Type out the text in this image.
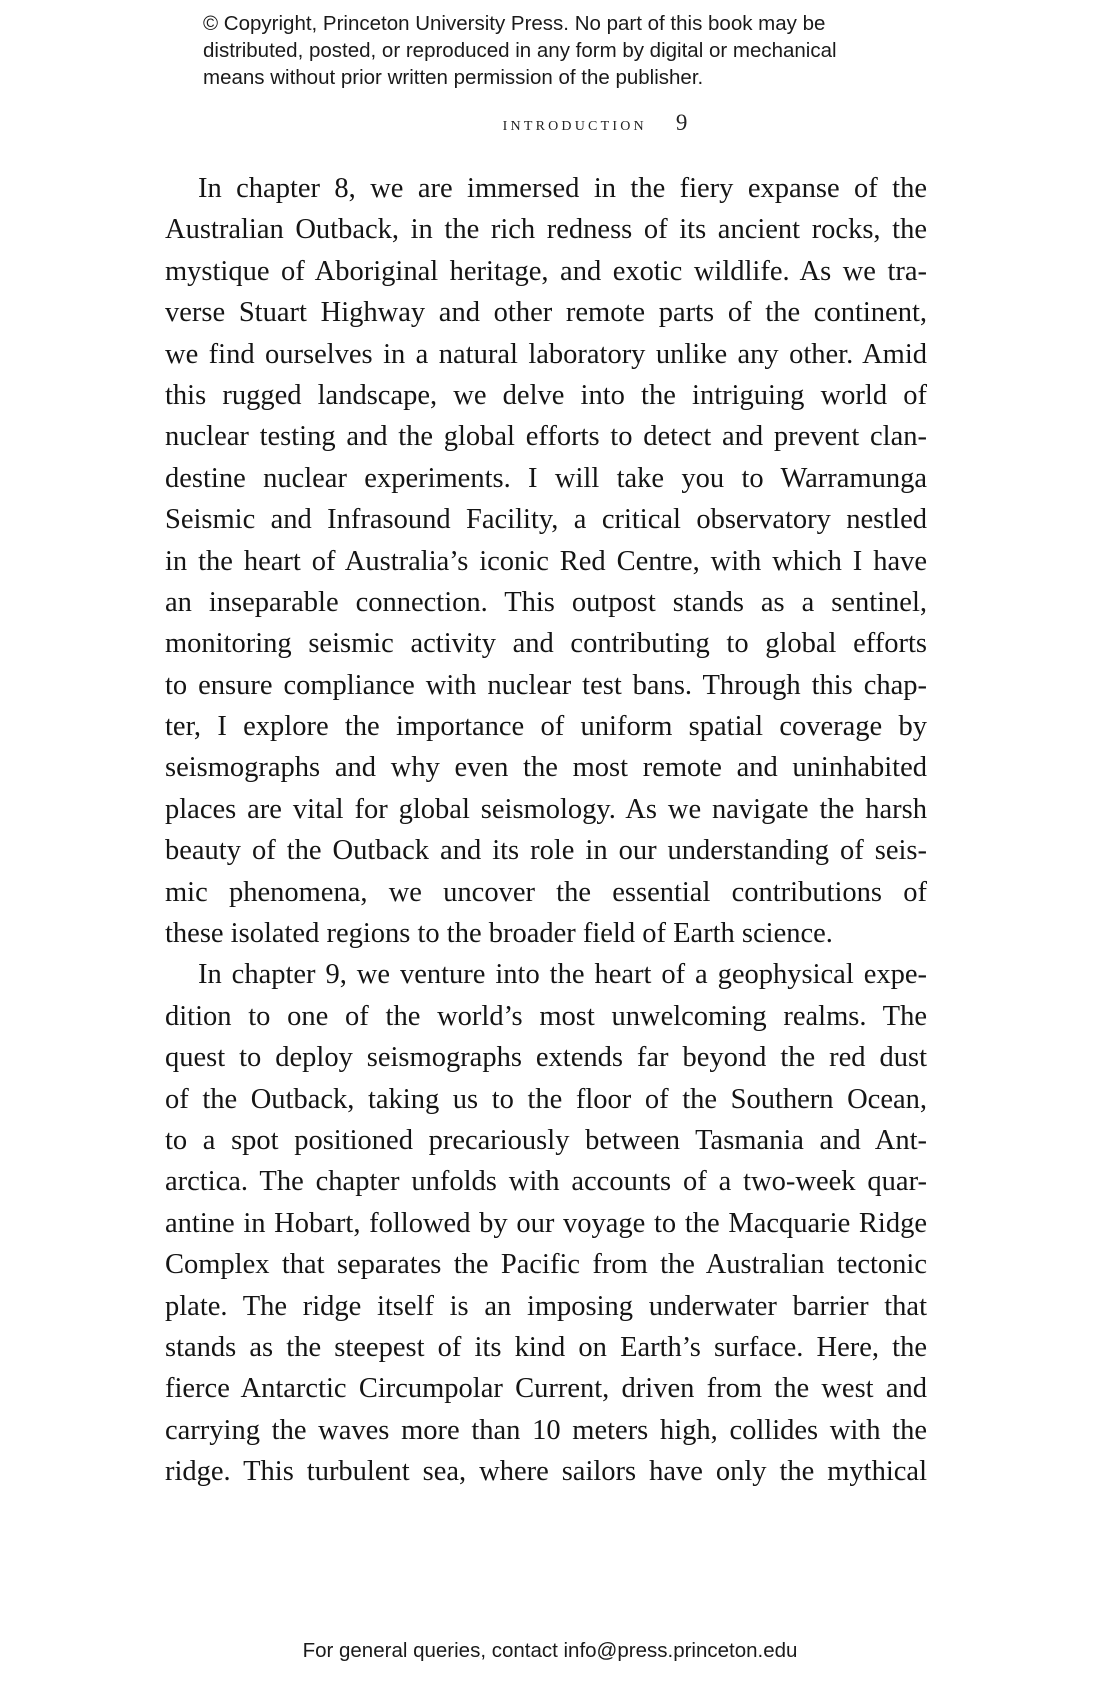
© Copyright, Princeton University Press. No part of this book may be
distributed, posted, or reproduced in any form by digital or mechanical
means without prior written permission of the publisher.
introduction 9
In chapter 8, we are immersed in the fiery expanse of the
Australian Outback, in the rich redness of its ancient rocks, the
mystique of Aboriginal heritage, and exotic wildlife. As we tra-
verse Stuart Highway and other remote parts of the continent,
we find ourselves in a natural laboratory unlike any other. Amid
this rugged landscape, we delve into the intriguing world of
nuclear testing and the global efforts to detect and prevent clan-
destine nuclear experiments. I will take you to Warramunga
Seismic and Infrasound Facility, a critical observatory nestled
in the heart of Australia’s iconic Red Centre, with which I have
an inseparable connection. This outpost stands as a sentinel,
monitoring seismic activity and contributing to global efforts
to ensure compliance with nuclear test bans. Through this chap-
ter, I explore the importance of uniform spatial coverage by
seismographs and why even the most remote and uninhabited
places are vital for global seismology. As we navigate the harsh
beauty of the Outback and its role in our understanding of seis-
mic phenomena, we uncover the essential contributions of
these isolated regions to the broader field of Earth science.
In chapter 9, we venture into the heart of a geophysical expe-
dition to one of the world’s most unwelcoming realms. The
quest to deploy seismographs extends far beyond the red dust
of the Outback, taking us to the floor of the Southern Ocean,
to a spot positioned precariously between Tasmania and Ant-
arctica. The chapter unfolds with accounts of a two-week quar-
antine in Hobart, followed by our voyage to the Macquarie Ridge
Complex that separates the Pacific from the Australian tectonic
plate. The ridge itself is an imposing underwater barrier that
stands as the steepest of its kind on Earth’s surface. Here, the
fierce Antarctic Circumpolar Current, driven from the west and
carrying the waves more than 10 meters high, collides with the
ridge. This turbulent sea, where sailors have only the mythical
For general queries, contact info@press.princeton.edu
